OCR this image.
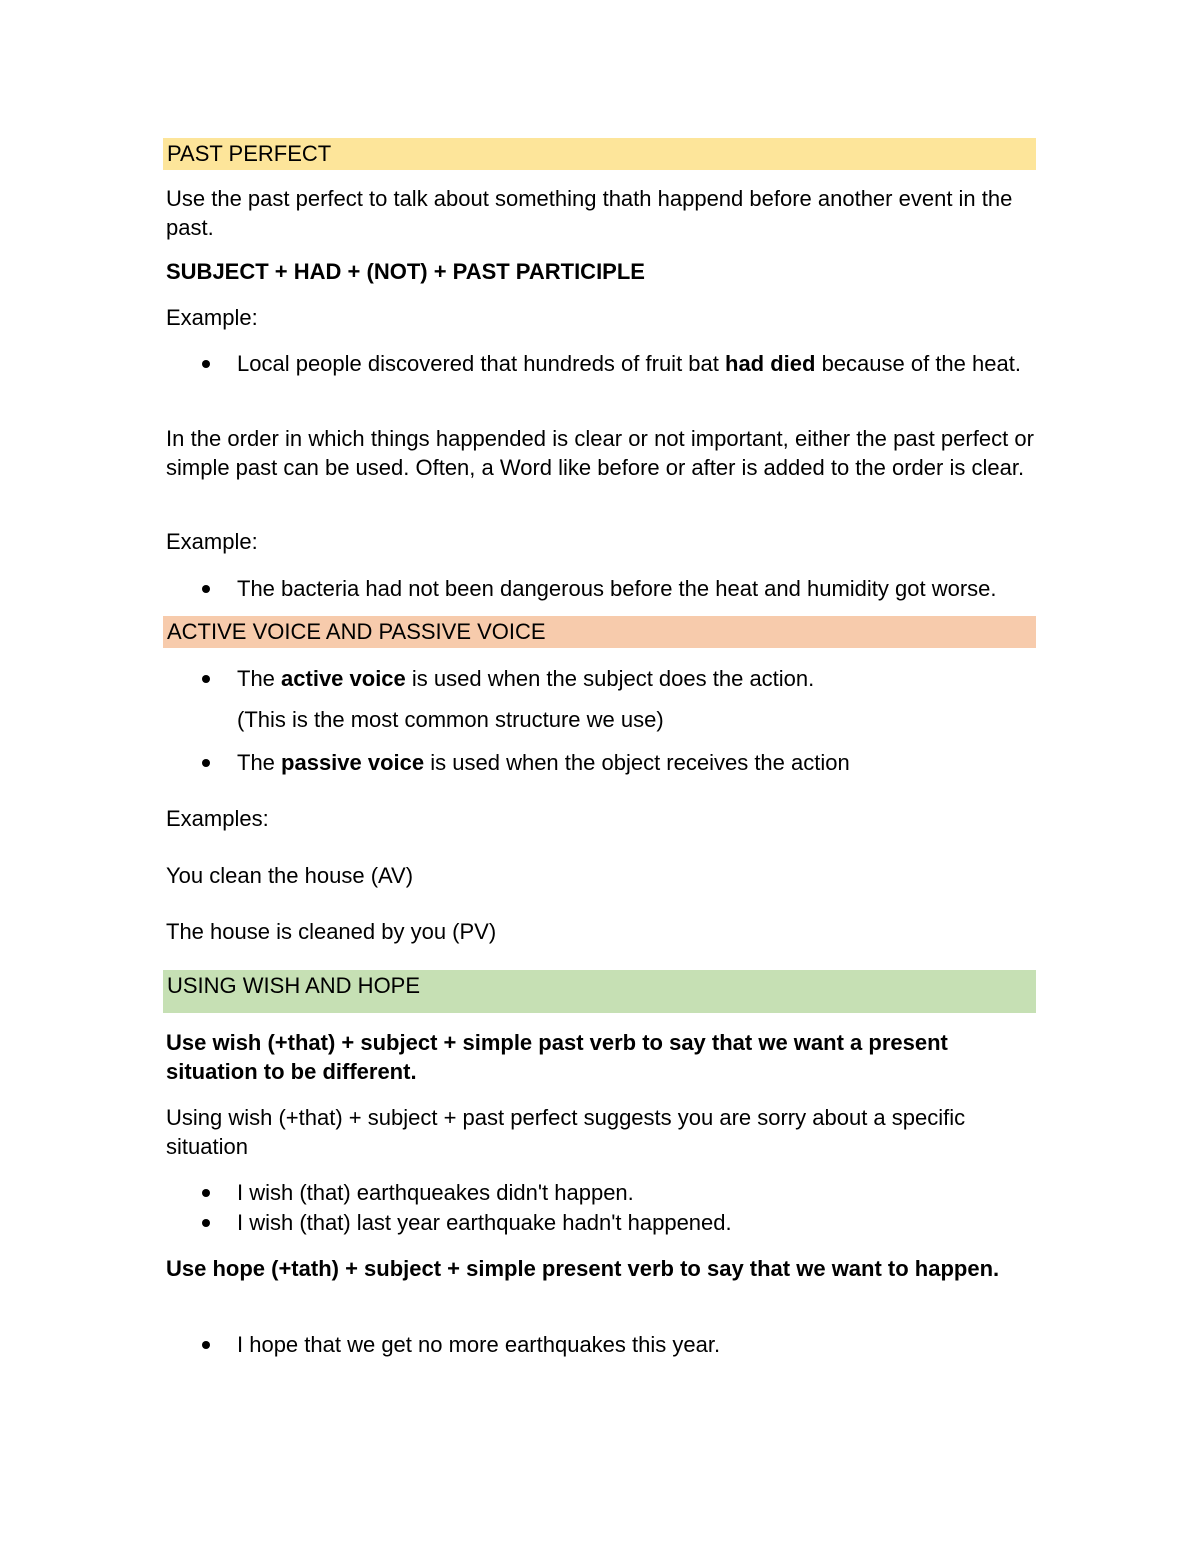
PAST PERFECT

Use the past perfect to talk about something thath happend before another event in the past.

SUBJECT + HAD + (NOT) + PAST PARTICIPLE

Example:

Local people discovered that hundreds of fruit bat had died because of the heat.

In the order in which things happended is clear or not important, either the past perfect or simple past can be used. Often, a Word like before or after is added to the order is clear.

Example:

The bacteria had not been dangerous before the heat and humidity got worse.
ACTIVE VOICE AND PASSIVE VOICE
The active voice is used when the subject does the action.

(This is the most common structure we use)

The passive voice is used when the object receives the action

Examples:

You clean the house (AV)

The house is cleaned by you (PV)

USING WISH AND HOPE

Use wish (+that) + subject + simple past verb to say that we want a present situation to be different.

Using wish (+that) + subject + past perfect suggests you are sorry about a specific situation

I wish (that) earthqueakes didn't happen.
I wish (that) last year earthquake hadn't happened.

Use hope (+tath) + subject + simple present verb to say that we want to happen.

I hope that we get no more earthquakes this year.
